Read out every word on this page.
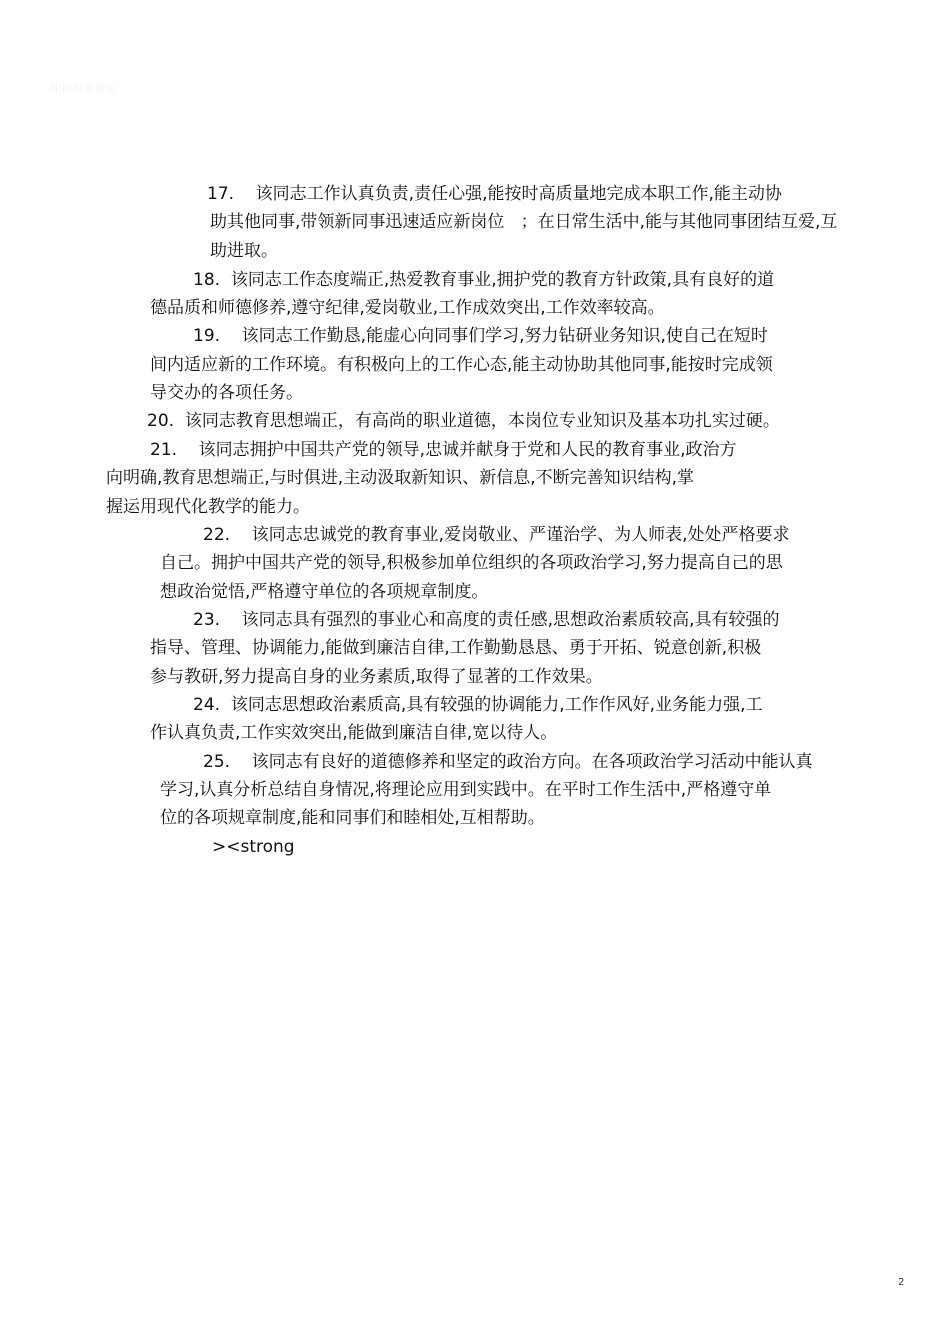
知识改变命运
17. 该同志工作认真负责,责任心强,能按时高质量地完成本职工作,能主动协
助其他同事,带领新同事迅速适应新岗位   ；在日常生活中,能与其他同事团结互爱,互
助进取。
18. 该同志工作态度端正,热爱教育事业,拥护党的教育方针政策,具有良好的道
德品质和师德修养,遵守纪律,爱岗敬业,工作成效突出,工作效率较高。
19. 该同志工作勤恳,能虚心向同事们学习,努力钻研业务知识,使自己在短时
间内适应新的工作环境。有积极向上的工作心态,能主动协助其他同事,能按时完成领
导交办的各项任务。
20. 该同志教育思想端正，有高尚的职业道德，本岗位专业知识及基本功扎实过硬。
21. 该同志拥护中国共产党的领导,忠诚并献身于党和人民的教育事业,政治方
向明确,教育思想端正,与时俱进,主动汲取新知识、新信息,不断完善知识结构,掌
握运用现代化教学的能力。
22. 该同志忠诚党的教育事业,爱岗敬业、严谨治学、为人师表,处处严格要求
自己。拥护中国共产党的领导,积极参加单位组织的各项政治学习,努力提高自己的思
想政治觉悟,严格遵守单位的各项规章制度。
23. 该同志具有强烈的事业心和高度的责任感,思想政治素质较高,具有较强的
指导、管理、协调能力,能做到廉洁自律,工作勤勤恳恳、勇于开拓、锐意创新,积极
参与教研,努力提高自身的业务素质,取得了显著的工作效果。
24. 该同志思想政治素质高,具有较强的协调能力,工作作风好,业务能力强,工
作认真负责,工作实效突出,能做到廉洁自律,宽以待人。
25. 该同志有良好的道德修养和坚定的政治方向。在各项政治学习活动中能认真
学习,认真分析总结自身情况,将理论应用到实践中。在平时工作生活中,严格遵守单
位的各项规章制度,能和同事们和睦相处,互相帮助。
><strong
2
